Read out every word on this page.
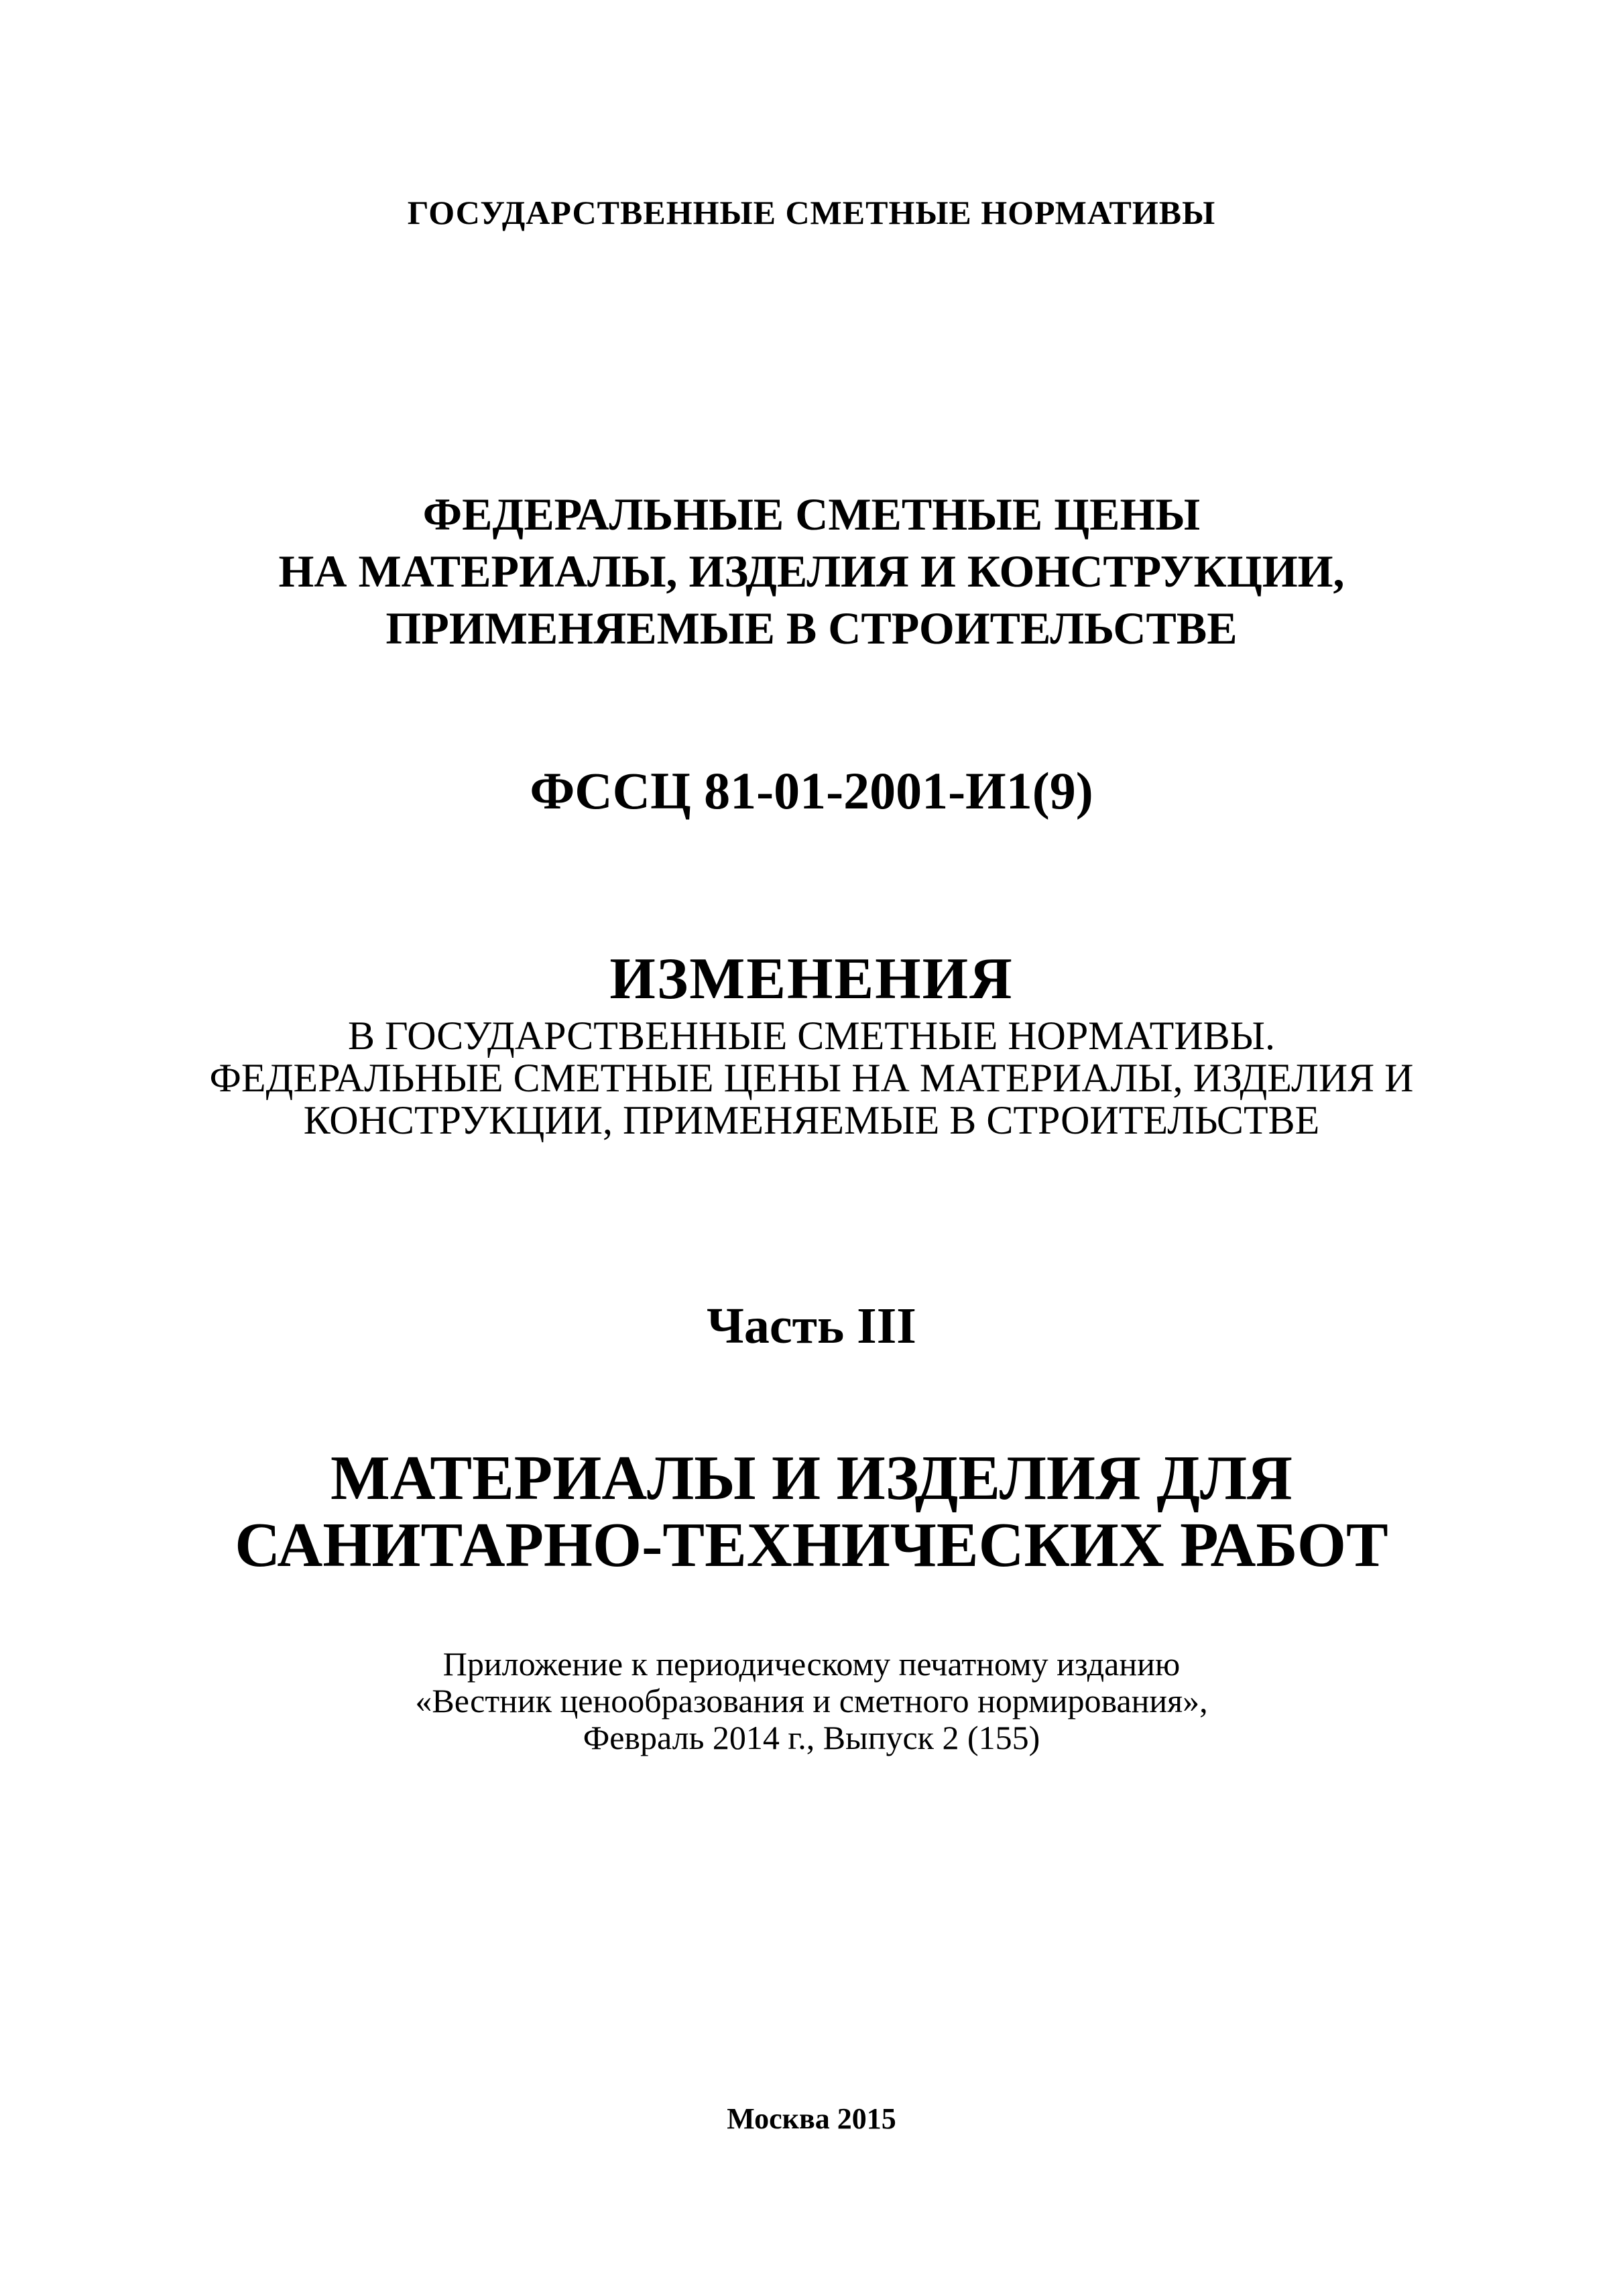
ГОСУДАРСТВЕННЫЕ СМЕТНЫЕ НОРМАТИВЫ
ФЕДЕРАЛЬНЫЕ СМЕТНЫЕ ЦЕНЫ
НА МАТЕРИАЛЫ, ИЗДЕЛИЯ И КОНСТРУКЦИИ,
ПРИМЕНЯЕМЫЕ В СТРОИТЕЛЬСТВЕ
ФССЦ 81-01-2001-И1(9)
ИЗМЕНЕНИЯ
В ГОСУДАРСТВЕННЫЕ СМЕТНЫЕ НОРМАТИВЫ.
ФЕДЕРАЛЬНЫЕ СМЕТНЫЕ ЦЕНЫ НА МАТЕРИАЛЫ, ИЗДЕЛИЯ И
КОНСТРУКЦИИ, ПРИМЕНЯЕМЫЕ В СТРОИТЕЛЬСТВЕ
Часть III
МАТЕРИАЛЫ И ИЗДЕЛИЯ ДЛЯ
САНИТАРНО-ТЕХНИЧЕСКИХ РАБОТ
Приложение к периодическому печатному изданию
«Вестник ценообразования и сметного нормирования»,
Февраль 2014 г., Выпуск 2 (155)
Москва 2015
